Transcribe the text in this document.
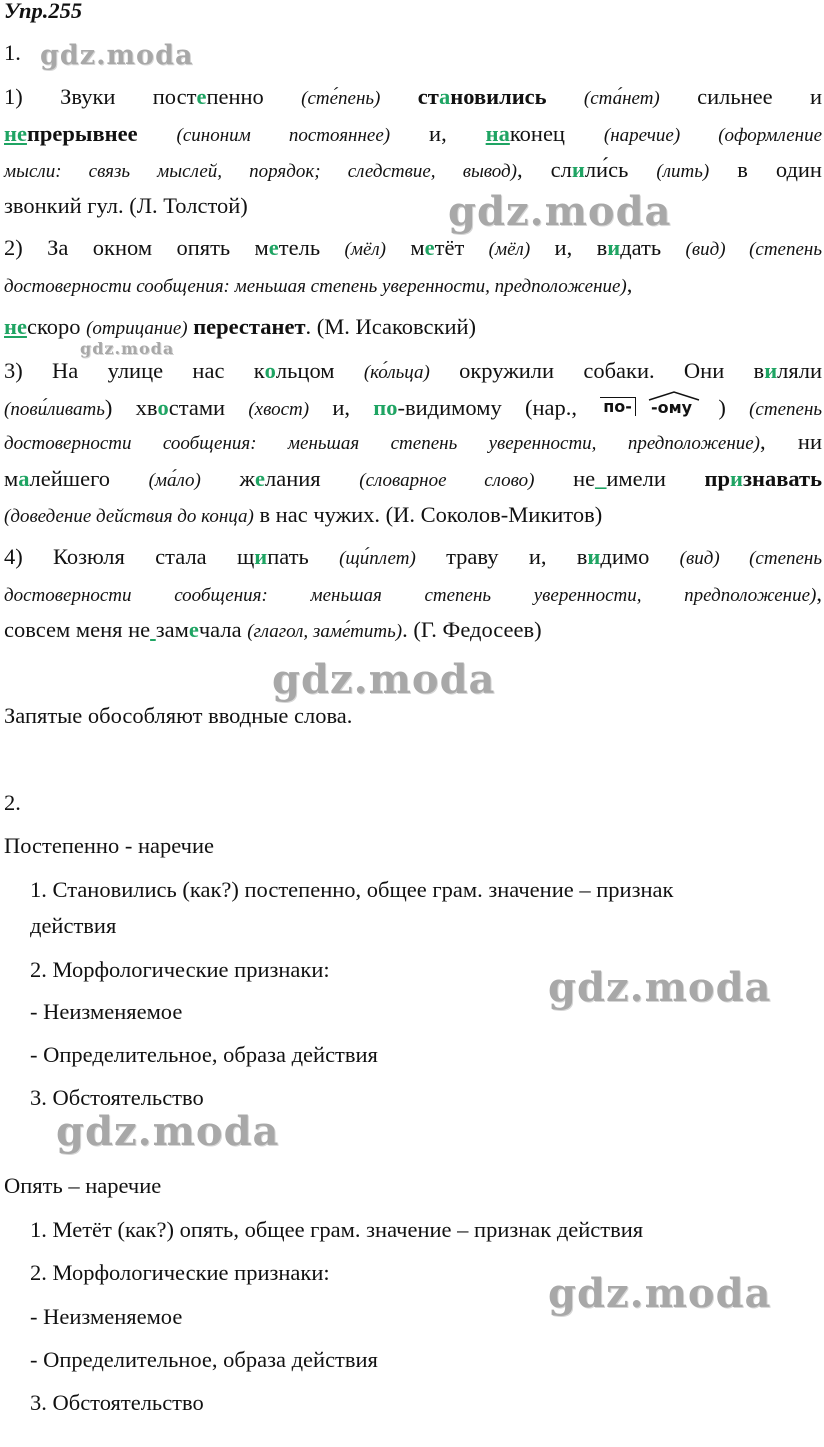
Упр.255
1.
1) Звуки постепенно (сте́пень) становились (ста́нет) сильнее и
непрерывнее (синоним постояннее) и, наконец (наречие) (оформление
мысли: связь мыслей, порядок; следствие, вывод), слили́сь (лить) в один
звонкий гул. (Л. Толстой)
2) За окном опять метель (мёл) метёт (мёл) и, видать (вид) (степень
достоверности сообщения: меньшая степень уверенности, предположение),
нескоро (отрицание) перестанет. (М. Исаковский)
3) На улице нас кольцом (ко́льца) окружили собаки. Они виляли
(пови́ливать) хвостами (хвост) и, по-видимому (нар., по- -ому ) (степень
достоверности сообщения: меньшая степень уверенности, предположение), ни
малейшего (ма́ло) желания (словарное слово) не_имели признавать
(доведение действия до конца) в нас чужих. (И. Соколов-Микитов)
4) Козюля стала щипать (щи́плет) траву и, видимо (вид) (степень
достоверности сообщения: меньшая степень уверенности, предположение),
совсем меня не замечала (глагол, заме́тить). (Г. Федосеев)
Запятые обособляют вводные слова.
2.
Постепенно - наречие
1. Становились (как?) постепенно, общее грам. значение – признак
действия
2. Морфологические признаки:
- Неизменяемое
- Определительное, образа действия
3. Обстоятельство
Опять – наречие
1. Метёт (как?) опять, общее грам. значение – признак действия
2. Морфологические признаки:
- Неизменяемое
- Определительное, образа действия
3. Обстоятельство
gdz.moda
gdz.moda
gdz.moda
gdz.moda
gdz.moda
gdz.moda
gdz.moda
